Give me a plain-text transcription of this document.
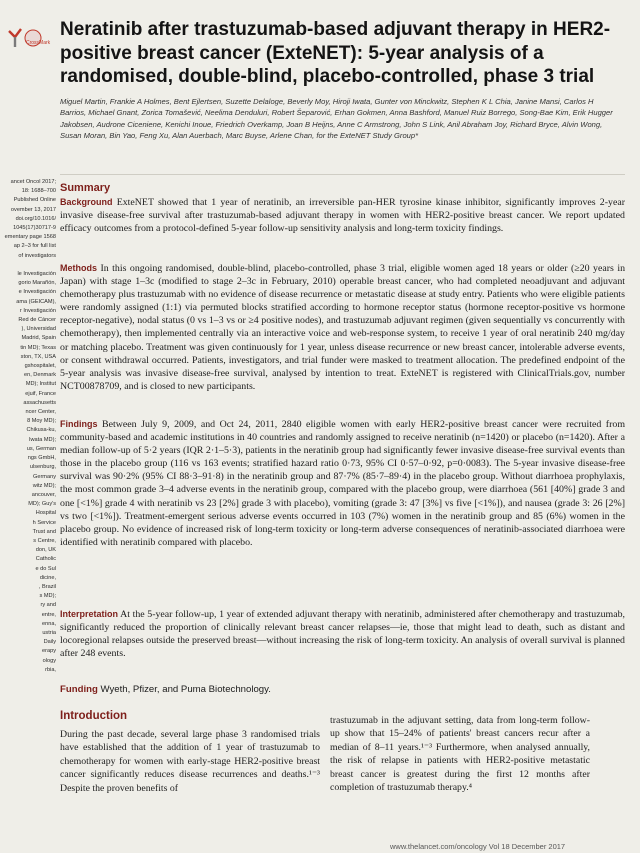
CrossMark
Neratinib after trastuzumab-based adjuvant therapy in HER2-positive breast cancer (ExteNET): 5-year analysis of a randomised, double-blind, placebo-controlled, phase 3 trial
Miguel Martin, Frankie A Holmes, Bent Ejlertsen, Suzette Delaloge, Beverly Moy, Hiroji Iwata, Gunter von Minckwitz, Stephen K L Chia, Janine Mansi, Carlos H Barrios, Michael Gnant, Zorica Tomašević, Neelima Denduluri, Robert Šeparović, Erhan Gokmen, Anna Bashford, Manuel Ruiz Borrego, Song-Bae Kim, Erik Hugger Jakobsen, Audrone Ciceniene, Kenichi Inoue, Friedrich Overkamp, Joan B Heijns, Anne C Armstrong, John S Link, Anil Abraham Joy, Richard Bryce, Alvin Wong, Susan Moran, Bin Yao, Feng Xu, Alan Auerbach, Marc Buyse, Arlene Chan, for the ExteNET Study Group*
ancet Oncol 2017;
18: 1688–700
Published Online
ovember 13, 2017
doi.org/10.1016/
1045(17)30717-9
ementary page 1568
ap 2–3 for full list
of investigators

le Investigación
gorio Marañón,
e Investigación
ama (GEICAM),
r Investigación
Red de Cáncer
), Universidad
Madrid, Spain
tin MD); Texas
ston, TX, USA
gshospitalet,
en, Denmark
MD); Institut
ejuif, France
assachusetts
ncer Center,
8 Moy MD);
Chikusa-ku,
Iwata MD);
us, German
ngs GmbH,
ulsenburg,
Germany
witz MD);
ancouver,
MD); Guy's
Hospital
h Service
Trust and
s Centre,
don, UK
Catholic
e do Sul
dicine,
, Brazil
s MD);
ry and
entre,
enna,
ustria
Daily
erapy
ology
rbia,
Summary

Background ExteNET showed that 1 year of neratinib, an irreversible pan-HER tyrosine kinase inhibitor, significantly improves 2-year invasive disease-free survival after trastuzumab-based adjuvant therapy in women with HER2-positive breast cancer. We report updated efficacy outcomes from a protocol-defined 5-year follow-up sensitivity analysis and long-term toxicity findings.

Methods In this ongoing randomised, double-blind, placebo-controlled, phase 3 trial, eligible women aged 18 years or older (≥20 years in Japan) with stage 1–3c (modified to stage 2–3c in February, 2010) operable breast cancer, who had completed neoadjuvant and adjuvant chemotherapy plus trastuzumab with no evidence of disease recurrence or metastatic disease at study entry. Patients who were eligible patients were randomly assigned (1:1) via permuted blocks stratified according to hormone receptor status (hormone receptor-positive vs hormone receptor-negative), nodal status (0 vs 1–3 vs or ≥4 positive nodes), and trastuzumab adjuvant regimen (given sequentially vs concurrently with chemotherapy), then implemented centrally via an interactive voice and web-response system, to receive 1 year of oral neratinib 240 mg/day or matching placebo. Treatment was given continuously for 1 year, unless disease recurrence or new breast cancer, intolerable adverse events, or consent withdrawal occurred. Patients, investigators, and trial funder were masked to treatment allocation. The predefined endpoint of the 5-year analysis was invasive disease-free survival, analysed by intention to treat. ExteNET is registered with ClinicalTrials.gov, number NCT00878709, and is closed to new participants.

Findings Between July 9, 2009, and Oct 24, 2011, 2840 eligible women with early HER2-positive breast cancer were recruited from community-based and academic institutions in 40 countries and randomly assigned to receive neratinib (n=1420) or placebo (n=1420). After a median follow-up of 5·2 years (IQR 2·1–5·3), patients in the neratinib group had significantly fewer invasive disease-free survival events than those in the placebo group (116 vs 163 events; stratified hazard ratio 0·73, 95% CI 0·57–0·92, p=0·0083). The 5-year invasive disease-free survival was 90·2% (95% CI 88·3–91·8) in the neratinib group and 87·7% (85·7–89·4) in the placebo group. Without diarrhoea prophylaxis, the most common grade 3–4 adverse events in the neratinib group, compared with the placebo group, were diarrhoea (561 [40%] grade 3 and one [<1%] grade 4 with neratinib vs 23 [2%] grade 3 with placebo), vomiting (grade 3: 47 [3%] vs five [<1%]), and nausea (grade 3: 26 [2%] vs two [<1%]). Treatment-emergent serious adverse events occurred in 103 (7%) women in the neratinib group and 85 (6%) women in the placebo group. No evidence of increased risk of long-term toxicity or long-term adverse consequences of neratinib-associated diarrhoea were identified with neratinib compared with placebo.

Interpretation At the 5-year follow-up, 1 year of extended adjuvant therapy with neratinib, administered after chemotherapy and trastuzumab, significantly reduced the proportion of clinically relevant breast cancer relapses—ie, those that might lead to death, such as distant and locoregional relapses outside the preserved breast—without increasing the risk of long-term toxicity. An analysis of overall survival is planned after 248 events.

Funding Wyeth, Pfizer, and Puma Biotechnology.
Introduction

During the past decade, several large phase 3 randomised trials have established that the addition of 1 year of trastuzumab to chemotherapy for women with early-stage HER2-positive breast cancer significantly reduces disease recurrences and deaths.¹⁻³ Despite the proven benefits of

trastuzumab in the adjuvant setting, data from long-term follow-up show that 15–24% of patients' breast cancers recur after a median of 8–11 years.¹⁻³ Furthermore, when analysed annually, the risk of relapse in patients with HER2-positive metastatic breast cancer is greatest during the first 12 months after completion of trastuzumab therapy.⁴

www.thelancet.com/oncology Vol 18 December 2017
